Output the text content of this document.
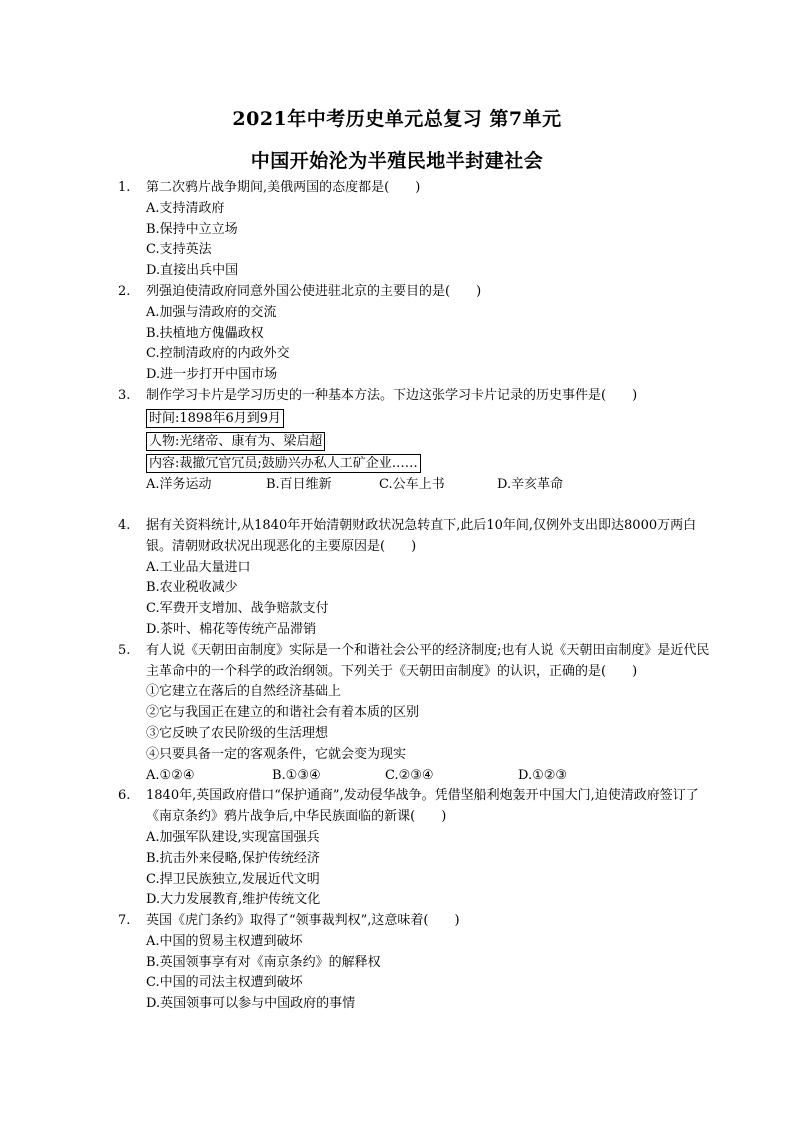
2021年中考历史单元总复习 第7单元
中国开始沦为半殖民地半封建社会
1.	第二次鸦片战争期间,美俄两国的态度都是(　　)
A.支持清政府
B.保持中立立场
C.支持英法
D.直接出兵中国
2.	列强迫使清政府同意外国公使进驻北京的主要目的是(　　)
A.加强与清政府的交流
B.扶植地方傀儡政权
C.控制清政府的内政外交
D.进一步打开中国市场
3.	制作学习卡片是学习历史的一种基本方法。下边这张学习卡片记录的历史事件是(　　)
时间:1898年6月到9月
人物:光绪帝、康有为、梁启超
内容:裁撤冗官冗员;鼓励兴办私人工矿企业……
A.洋务运动	B.百日维新	C.公车上书	D.辛亥革命
4.	据有关资料统计,从1840年开始清朝财政状况急转直下,此后10年间,仅例外支出即达8000万两白银。清朝财政状况出现恶化的主要原因是(　　)
A.工业品大量进口
B.农业税收减少
C.军费开支增加、战争赔款支付
D.茶叶、棉花等传统产品滞销
5.	有人说《天朝田亩制度》实际是一个和谐社会公平的经济制度;也有人说《天朝田亩制度》是近代民主革命中的一个科学的政治纲领。下列关于《天朝田亩制度》的认识，正确的是(　　)
①它建立在落后的自然经济基础上
②它与我国正在建立的和谐社会有着本质的区别
③它反映了农民阶级的生活理想
④只要具备一定的客观条件，它就会变为现实
A.①②④	B.①③④	C.②③④	D.①②③
6.	1840年,英国政府借口“保护通商”,发动侵华战争。凭借坚船利炮轰开中国大门,迫使清政府签订了《南京条约》鸦片战争后,中华民族面临的新课(　　)
A.加强军队建设,实现富国强兵
B.抗击外来侵略,保护传统经济
C.捍卫民族独立,发展近代文明
D.大力发展教育,维护传统文化
7.	英国《虎门条约》取得了“领事裁判权”,这意味着(　　)
A.中国的贸易主权遭到破坏
B.英国领事享有对《南京条约》的解释权
C.中国的司法主权遭到破坏
D.英国领事可以参与中国政府的事情
